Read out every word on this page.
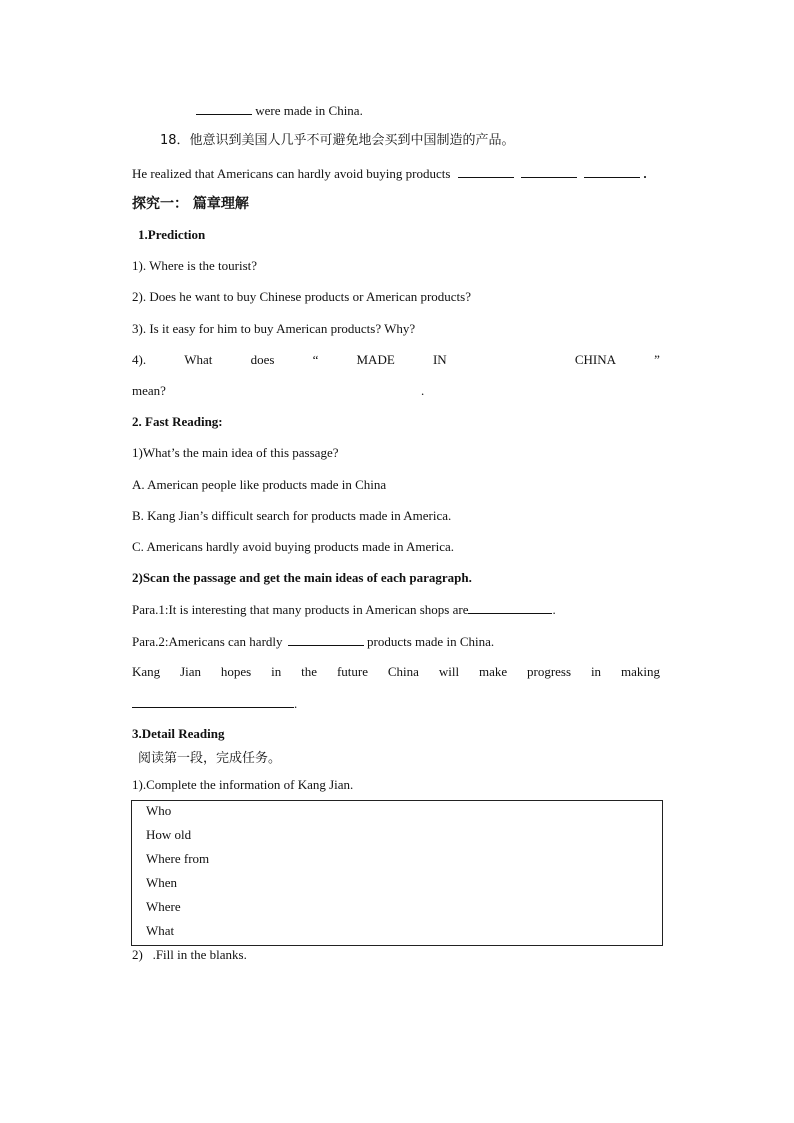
were made in China.
18．他意识到美国人几乎不可避免地会买到中国制造的产品。
He realized that Americans can hardly avoid buying products	.
探究一： 篇章理解
1.Prediction
1). Where is the tourist?
2). Does he want to buy Chinese products or American products?
3). Is it easy for him to buy American products? Why?
4).	What	does	“	MADE	IN	CHINA	”
mean?	.
2. Fast Reading:
1)What’s the main idea of this passage?
A. American people like products made in China
B. Kang Jian’s difficult search for products made in America.
C. Americans hardly avoid buying products made in America.
2)Scan the passage and get the main ideas of each paragraph.
Para.1:It is interesting that many products in American shops are	.
Para.2:Americans can hardly	products made in China.
Kang Jian hopes in the future China will make progress in making
.
3.Detail Reading
阅读第一段，完成任务。
1).Complete the information of Kang Jian.
Who
How old
Where from
When
Where
What
2)   .Fill in the blanks.
